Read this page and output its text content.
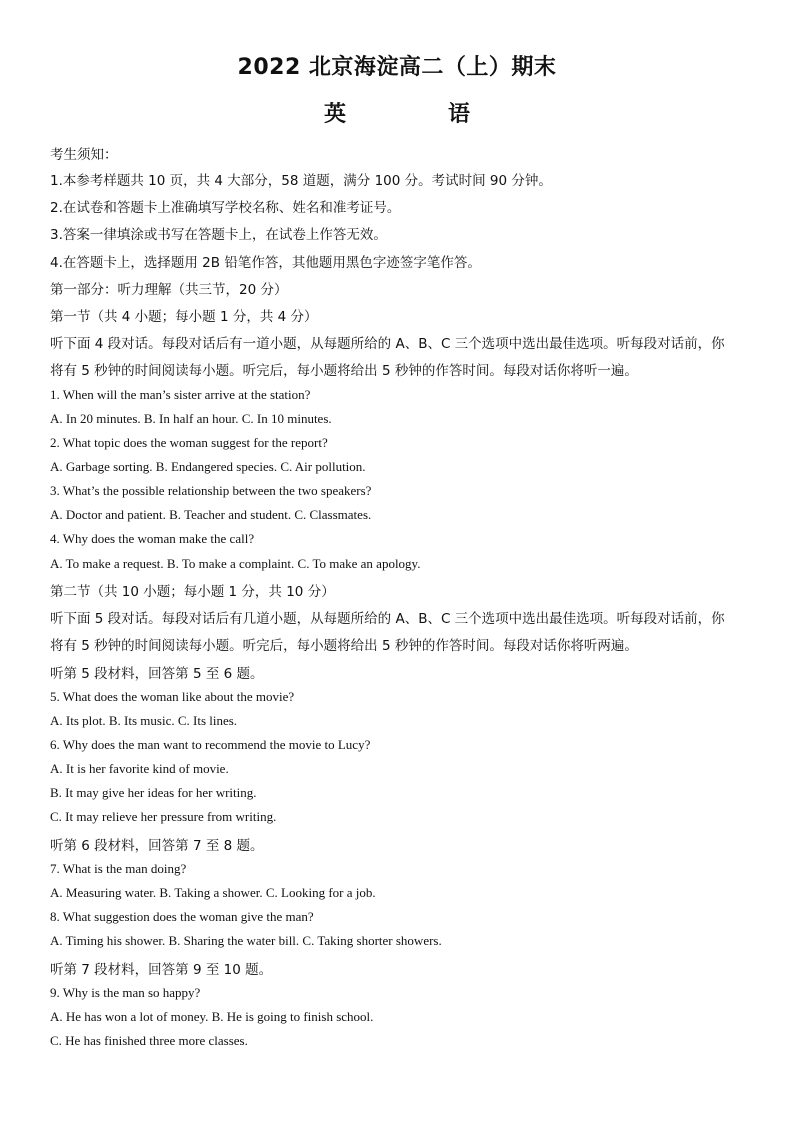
2022 北京海淀高二（上）期末
英　语
考生须知：
1.本参考样题共 10 页，共 4 大部分，58 道题，满分 100 分。考试时间 90 分钟。
2.在试卷和答题卡上准确填写学校名称、姓名和准考证号。
3.答案一律填涂或书写在答题卡上，在试卷上作答无效。
4.在答题卡上，选择题用 2B 铅笔作答，其他题用黑色字迹签字笔作答。
第一部分：听力理解（共三节，20 分）
第一节（共 4 小题；每小题 1 分，共 4 分）
听下面 4 段对话。每段对话后有一道小题，从每题所给的 A、B、C 三个选项中选出最佳选项。听每段对话前，你
将有 5 秒钟的时间阅读每小题。听完后，每小题将给出 5 秒钟的作答时间。每段对话你将听一遍。
1. When will the man’s sister arrive at the station?
A. In 20 minutes. B. In half an hour. C. In 10 minutes.
2. What topic does the woman suggest for the report?
A. Garbage sorting. B. Endangered species. C. Air pollution.
3. What’s the possible relationship between the two speakers?
A. Doctor and patient. B. Teacher and student. C. Classmates.
4. Why does the woman make the call?
A. To make a request. B. To make a complaint. C. To make an apology.
第二节（共 10 小题；每小题 1 分，共 10 分）
听下面 5 段对话。每段对话后有几道小题，从每题所给的 A、B、C 三个选项中选出最佳选项。听每段对话前，你
将有 5 秒钟的时间阅读每小题。听完后，每小题将给出 5 秒钟的作答时间。每段对话你将听两遍。
听第 5 段材料，回答第 5 至 6 题。
5. What does the woman like about the movie?
A. Its plot. B. Its music. C. Its lines.
6. Why does the man want to recommend the movie to Lucy?
A. It is her favorite kind of movie.
B. It may give her ideas for her writing.
C. It may relieve her pressure from writing.
听第 6 段材料，回答第 7 至 8 题。
7. What is the man doing?
A. Measuring water. B. Taking a shower. C. Looking for a job.
8. What suggestion does the woman give the man?
A. Timing his shower. B. Sharing the water bill. C. Taking shorter showers.
听第 7 段材料，回答第 9 至 10 题。
9. Why is the man so happy?
A. He has won a lot of money. B. He is going to finish school.
C. He has finished three more classes.
